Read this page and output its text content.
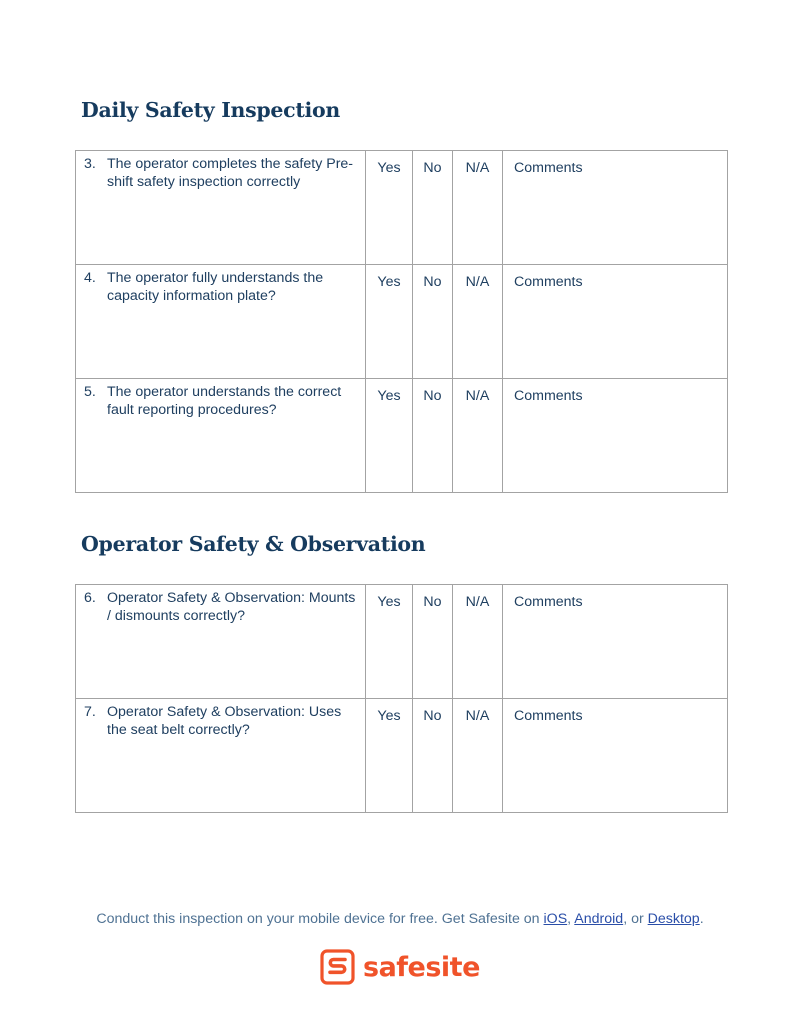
Daily Safety Inspection
3. The operator completes the safety Pre-shift safety inspection correctly	Yes	No	N/A	Comments

4. The operator fully understands the capacity information plate?	Yes	No	N/A	Comments

5. The operator understands the correct fault reporting procedures?	Yes	No	N/A	Comments
Operator Safety & Observation
6. Operator Safety & Observation: Mounts / dismounts correctly?	Yes	No	N/A	Comments

7. Operator Safety & Observation: Uses the seat belt correctly?	Yes	No	N/A	Comments
Conduct this inspection on your mobile device for free. Get Safesite on iOS, Android, or Desktop.
safesite
